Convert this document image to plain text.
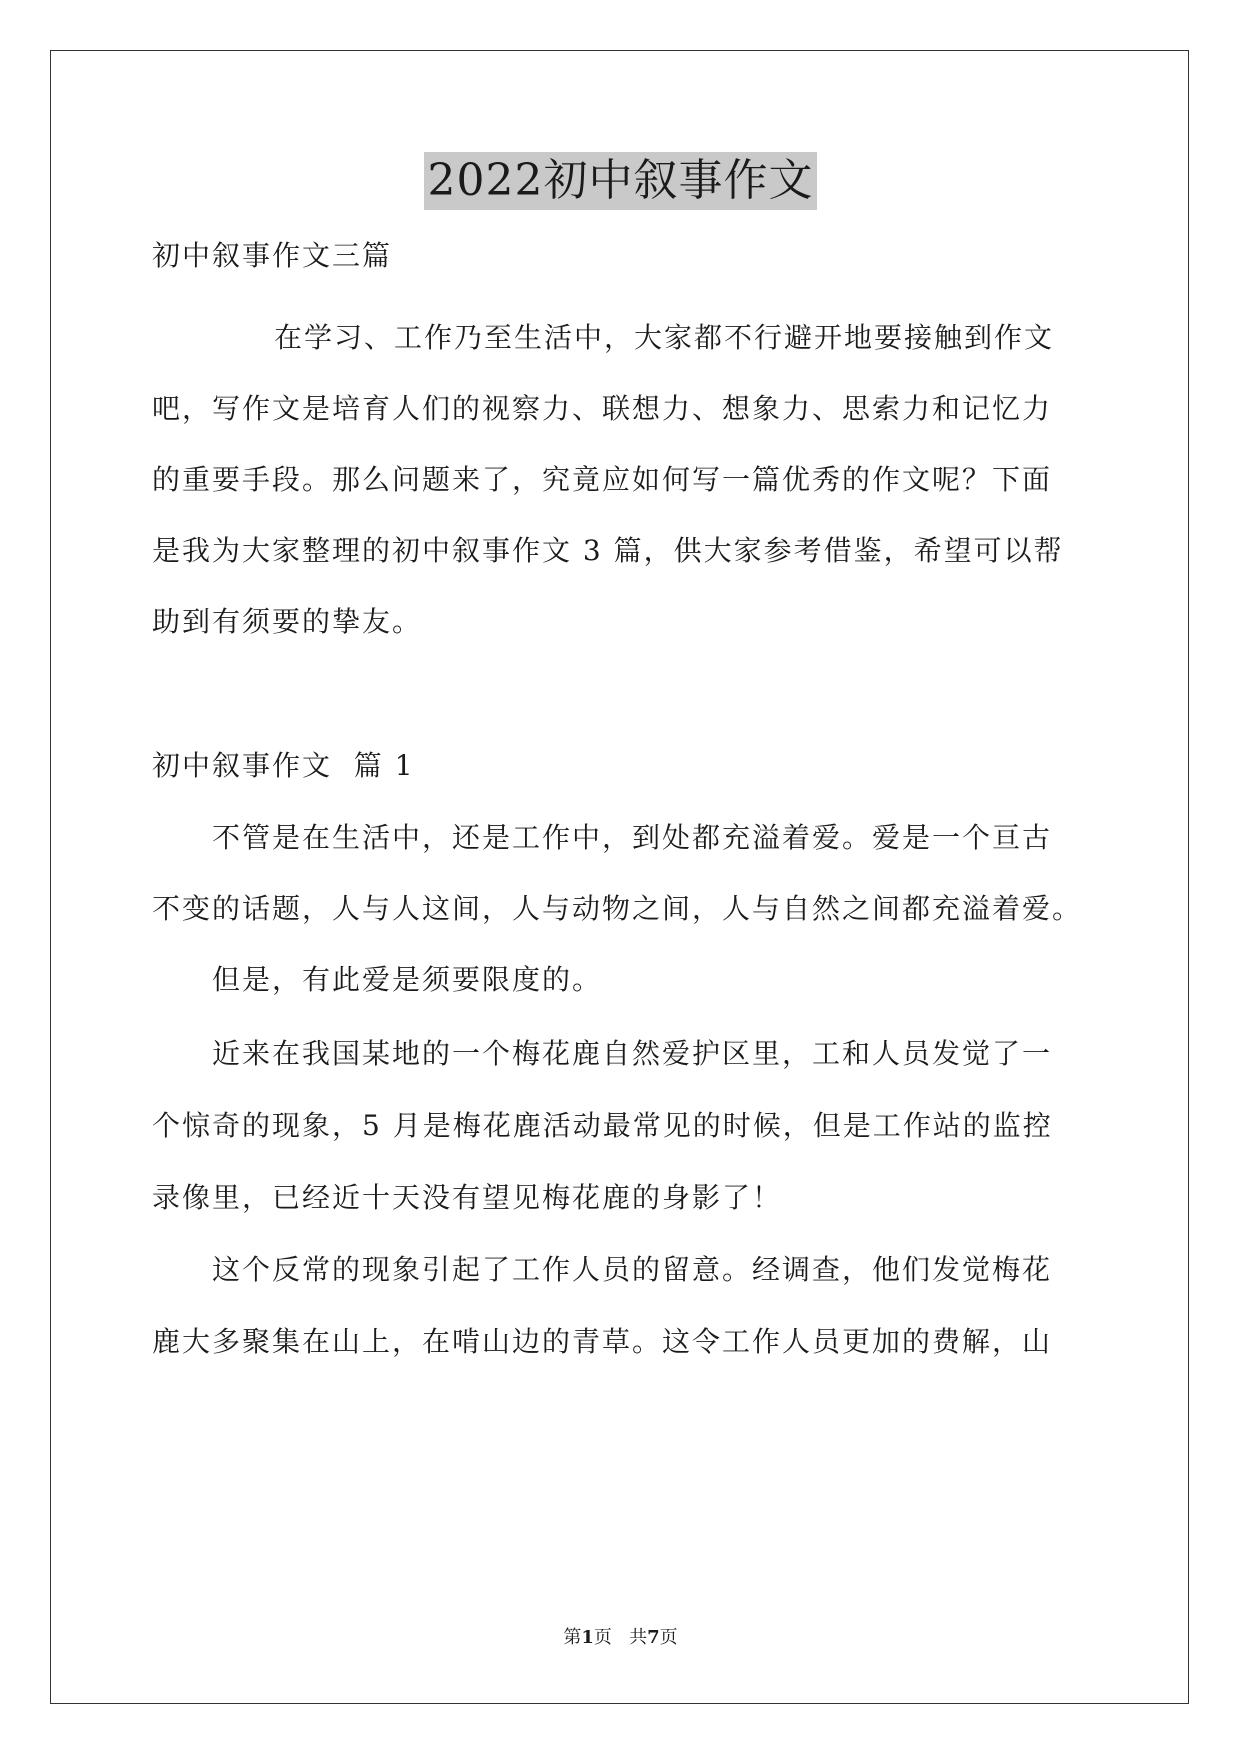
2022初中叙事作文

初中叙事作文三篇

在学习、工作乃至生活中，大家都不行避开地要接触到作文

吧，写作文是培育人们的视察力、联想力、想象力、思索力和记忆力

的重要手段。那么问题来了，究竟应如何写一篇优秀的作文呢？下面

是我为大家整理的初中叙事作文 3 篇，供大家参考借鉴，希望可以帮

助到有须要的挚友。

初中叙事作文  篇 1

不管是在生活中，还是工作中，到处都充溢着爱。爱是一个亘古

不变的话题，人与人这间，人与动物之间，人与自然之间都充溢着爱。

但是，有此爱是须要限度的。

近来在我国某地的一个梅花鹿自然爱护区里，工和人员发觉了一

个惊奇的现象，5 月是梅花鹿活动最常见的时候，但是工作站的监控

录像里，已经近十天没有望见梅花鹿的身影了！

这个反常的现象引起了工作人员的留意。经调查，他们发觉梅花

鹿大多聚集在山上，在啃山边的青草。这令工作人员更加的费解，山

第1页   共7页
